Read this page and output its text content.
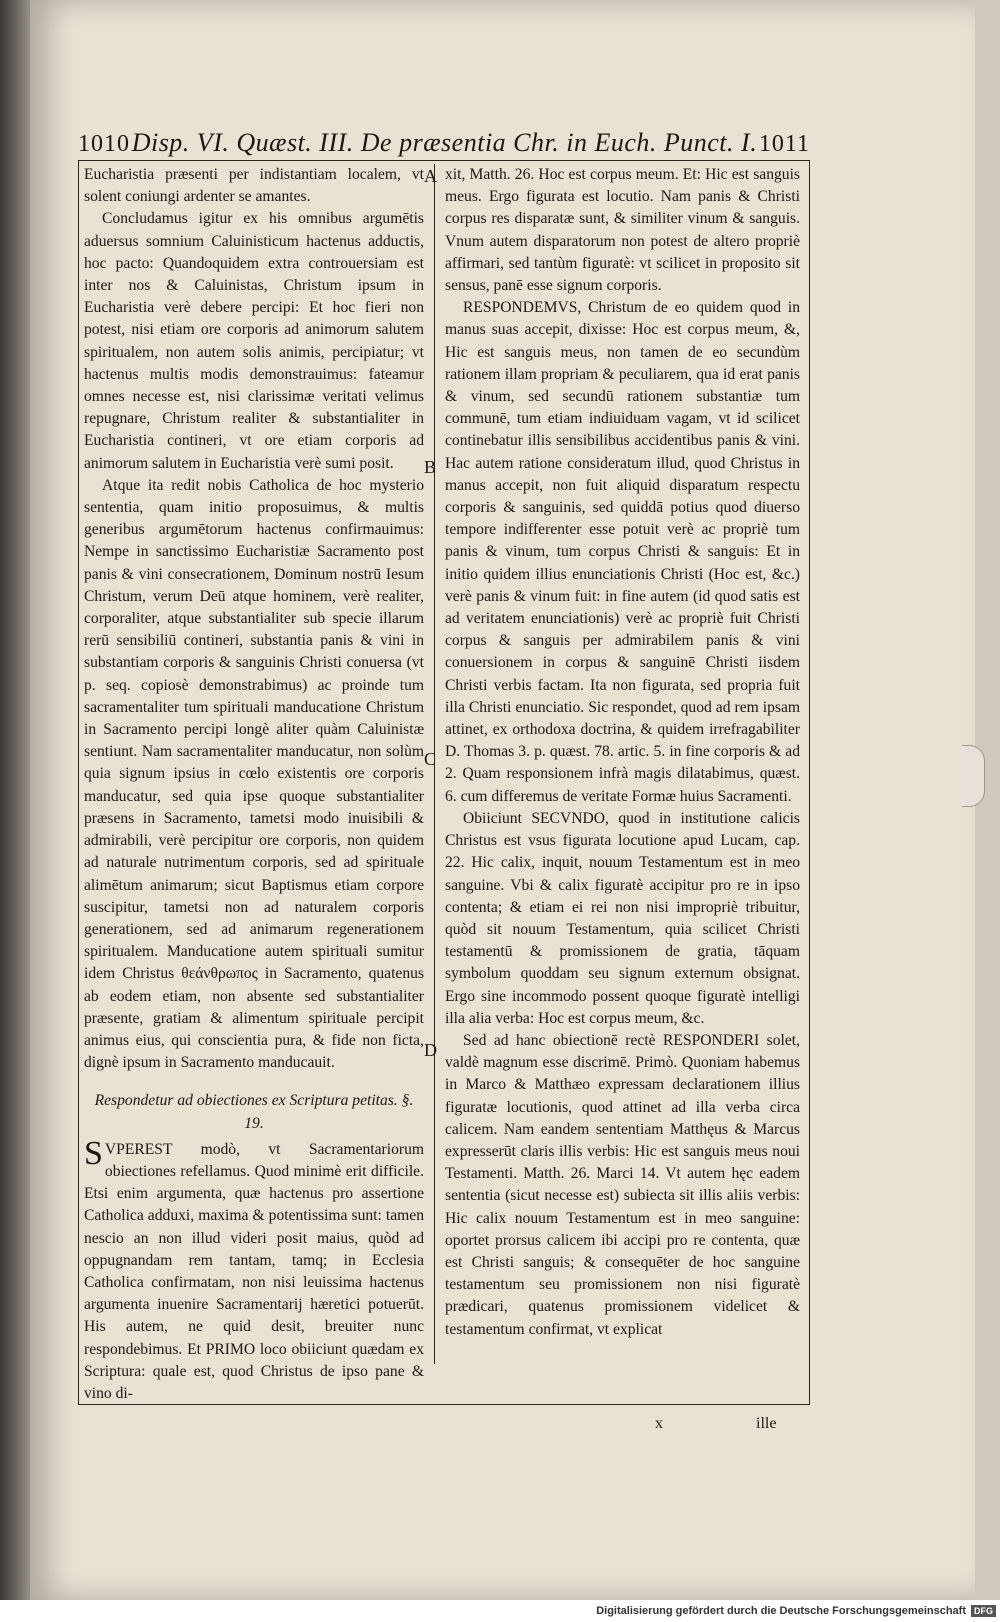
1010 Disp. VI. Quæst. III. De præsentia Chr. in Euch. Punct. I. 1011
A
B
C
D

Eucharistia præsenti per indistantiam localem, vt solent coniungi ardenter se amantes.

Concludamus igitur ex his omnibus argumētis aduersus somnium Caluinisticum hactenus adductis, hoc pacto: Quandoquidem extra controuersiam est inter nos & Caluinistas, Christum ipsum in Eucharistia verè debere percipi: Et hoc fieri non potest, nisi etiam ore corporis ad animorum salutem spiritualem, non autem solis animis, percipiatur; vt hactenus multis modis demonstrauimus: fateamur omnes necesse est, nisi clarissimæ veritati velimus repugnare, Christum realiter & substantialiter in Eucharistia contineri, vt ore etiam corporis ad animorum salutem in Eucharistia verè sumi posit.

Atque ita redit nobis Catholica de hoc mysterio sententia, quam initio proposuimus, & multis generibus argumētorum hactenus confirmauimus: Nempe in sanctissimo Eucharistiæ Sacramento post panis & vini consecrationem, Dominum nostrū Iesum Christum, verum Deū atque hominem, verè realiter, corporaliter, atque substantialiter sub specie illarum rerū sensibiliū contineri, substantia panis & vini in substantiam corporis & sanguinis Christi conuersa (vt p. seq. copiosè demonstrabimus) ac proinde tum sacramentaliter tum spirituali manducatione Christum in Sacramento percipi longè aliter quàm Caluinistæ sentiunt. Nam sacramentaliter manducatur, non solùm quia signum ipsius in cœlo existentis ore corporis manducatur, sed quia ipse quoque substantialiter præsens in Sacramento, tametsi modo inuisibili & admirabili, verè percipitur ore corporis, non quidem ad naturale nutrimentum corporis, sed ad spirituale alimētum animarum; sicut Baptismus etiam corpore suscipitur, tametsi non ad naturalem corporis generationem, sed ad animarum regenerationem spiritualem. Manducatione autem spirituali sumitur idem Christus θεάνθρωπος in Sacramento, quatenus ab eodem etiam, non absente sed substantialiter præsente, gratiam & alimentum spirituale percipit animus eius, qui conscientia pura, & fide non ficta, dignè ipsum in Sacramento manducauit.

Respondetur ad obiectiones ex Scriptura petitas. §. 19.

SVPEREST modò, vt Sacramentariorum obiectiones refellamus. Quod minimè erit difficile. Etsi enim argumenta, quæ hactenus pro assertione Catholica adduxi, maxima & potentissima sunt: tamen nescio an non illud videri posit maius, quòd ad oppugnandam rem tantam, tamq; in Ecclesia Catholica confirmatam, non nisi leuissima hactenus argumenta inuenire Sacramentarij hæretici potuerūt. His autem, ne quid desit, breuiter nunc respondebimus. Et PRIMO loco obiiciunt quædam ex Scriptura: quale est, quod Christus de ipso pane & vino di-

xit, Matth. 26. Hoc est corpus meum. Et: Hic est sanguis meus. Ergo figurata est locutio. Nam panis & Christi corpus res disparatæ sunt, & similiter vinum & sanguis. Vnum autem disparatorum non potest de altero propriè affirmari, sed tantùm figuratè: vt scilicet in proposito sit sensus, panē esse signum corporis.

RESPONDEMVS, Christum de eo quidem quod in manus suas accepit, dixisse: Hoc est corpus meum, &, Hic est sanguis meus, non tamen de eo secundùm rationem illam propriam & peculiarem, qua id erat panis & vinum, sed secundū rationem substantiæ tum communē, tum etiam indiuiduam vagam, vt id scilicet continebatur illis sensibilibus accidentibus panis & vini. Hac autem ratione consideratum illud, quod Christus in manus accepit, non fuit aliquid disparatum respectu corporis & sanguinis, sed quiddā potius quod diuerso tempore indifferenter esse potuit verè ac propriè tum panis & vinum, tum corpus Christi & sanguis: Et in initio quidem illius enunciationis Christi (Hoc est, &c.) verè panis & vinum fuit: in fine autem (id quod satis est ad veritatem enunciationis) verè ac propriè fuit Christi corpus & sanguis per admirabilem panis & vini conuersionem in corpus & sanguinē Christi iisdem Christi verbis factam. Ita non figurata, sed propria fuit illa Christi enunciatio. Sic respondet, quod ad rem ipsam attinet, ex orthodoxa doctrina, & quidem irrefragabiliter D. Thomas 3. p. quæst. 78. artic. 5. in fine corporis & ad 2. Quam responsionem infrà magis dilatabimus, quæst. 6. cum differemus de veritate Formæ huius Sacramenti.

Obiiciunt SECVNDO, quod in institutione calicis Christus est vsus figurata locutione apud Lucam, cap. 22. Hic calix, inquit, nouum Testamentum est in meo sanguine. Vbi & calix figuratè accipitur pro re in ipso contenta; & etiam ei rei non nisi impropriè tribuitur, quòd sit nouum Testamentum, quia scilicet Christi testamentū & promissionem de gratia, tāquam symbolum quoddam seu signum externum obsignat. Ergo sine incommodo possent quoque figuratè intelligi illa alia verba: Hoc est corpus meum, &c.

Sed ad hanc obiectionē rectè RESPONDERI solet, valdè magnum esse discrimē. Primò. Quoniam habemus in Marco & Matthæo expressam declarationem illius figuratæ locutionis, quod attinet ad illa verba circa calicem. Nam eandem sententiam Matthęus & Marcus expresserūt claris illis verbis: Hic est sanguis meus noui Testamenti. Matth. 26. Marci 14. Vt autem hęc eadem sententia (sicut necesse est) subiecta sit illis aliis verbis: Hic calix nouum Testamentum est in meo sanguine: oportet prorsus calicem ibi accipi pro re contenta, quæ est Christi sanguis; & consequēter de hoc sanguine testamentum seu promissionem non nisi figuratè prædicari, quatenus promissionem videlicet & testamentum confirmat, vt explicat

x	ille
Digitalisierung gefördert durch die Deutsche Forschungsgemeinschaft DFG
